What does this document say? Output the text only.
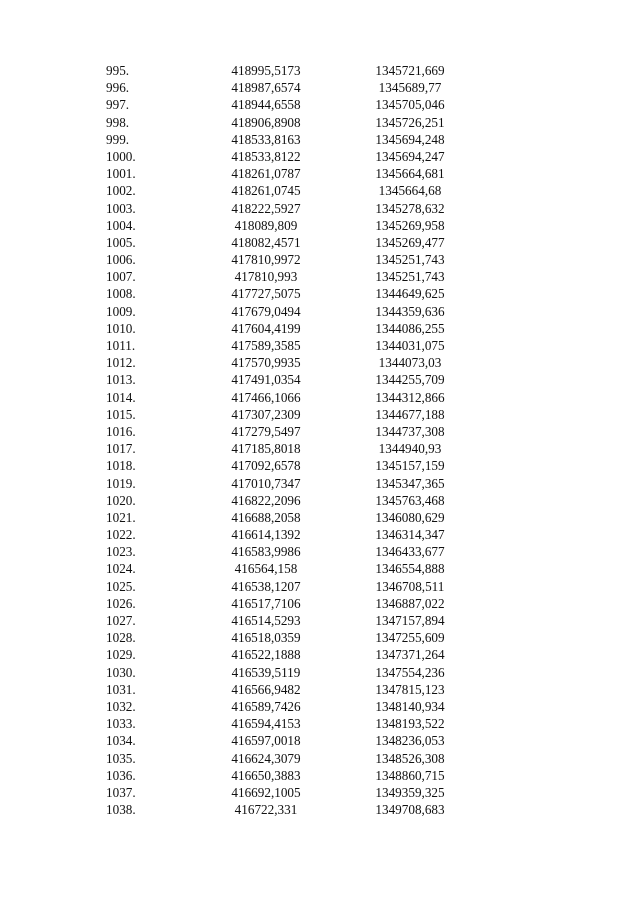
995.	418995,5173	1345721,669
996.	418987,6574	1345689,77
997.	418944,6558	1345705,046
998.	418906,8908	1345726,251
999.	418533,8163	1345694,248
1000.	418533,8122	1345694,247
1001.	418261,0787	1345664,681
1002.	418261,0745	1345664,68
1003.	418222,5927	1345278,632
1004.	418089,809	1345269,958
1005.	418082,4571	1345269,477
1006.	417810,9972	1345251,743
1007.	417810,993	1345251,743
1008.	417727,5075	1344649,625
1009.	417679,0494	1344359,636
1010.	417604,4199	1344086,255
1011.	417589,3585	1344031,075
1012.	417570,9935	1344073,03
1013.	417491,0354	1344255,709
1014.	417466,1066	1344312,866
1015.	417307,2309	1344677,188
1016.	417279,5497	1344737,308
1017.	417185,8018	1344940,93
1018.	417092,6578	1345157,159
1019.	417010,7347	1345347,365
1020.	416822,2096	1345763,468
1021.	416688,2058	1346080,629
1022.	416614,1392	1346314,347
1023.	416583,9986	1346433,677
1024.	416564,158	1346554,888
1025.	416538,1207	1346708,511
1026.	416517,7106	1346887,022
1027.	416514,5293	1347157,894
1028.	416518,0359	1347255,609
1029.	416522,1888	1347371,264
1030.	416539,5119	1347554,236
1031.	416566,9482	1347815,123
1032.	416589,7426	1348140,934
1033.	416594,4153	1348193,522
1034.	416597,0018	1348236,053
1035.	416624,3079	1348526,308
1036.	416650,3883	1348860,715
1037.	416692,1005	1349359,325
1038.	416722,331	1349708,683
